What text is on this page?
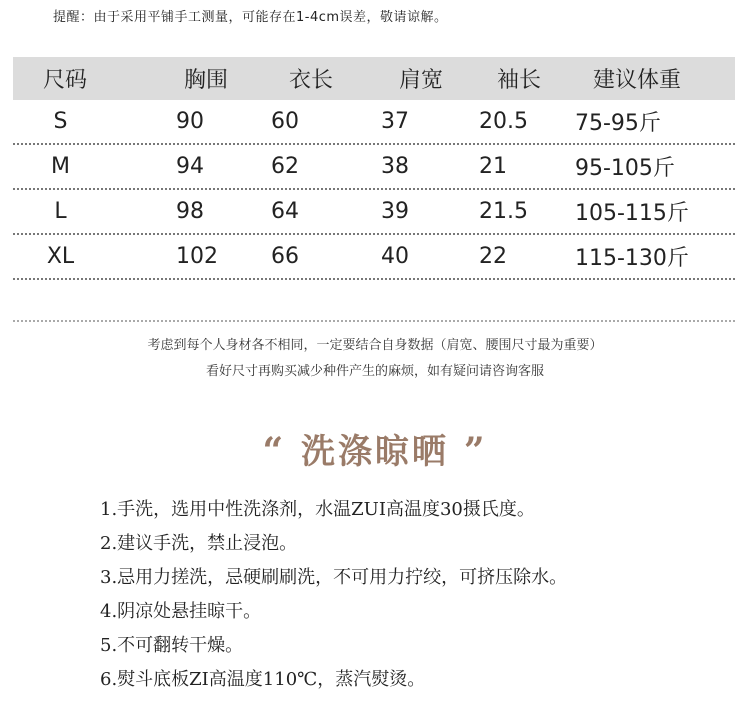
提醒：由于采用平铺手工测量，可能存在1-4cm误差，敬请谅解。
尺码	胸围	衣长	肩宽	袖长	建议体重
S	90	60	37	20.5	75-95斤
M	94	62	38	21	95-105斤
L	98	64	39	21.5	105-115斤
XL	102	66	40	22	115-130斤
考虑到每个人身材各不相同，一定要结合自身数据（肩宽、腰围尺寸最为重要）
看好尺寸再购买减少种件产生的麻烦，如有疑问请咨询客服
“ 洗涤晾晒 ”
1.手洗，选用中性洗涤剂，水温ZUI高温度30摄氏度。
2.建议手洗，禁止浸泡。
3.忌用力搓洗，忌硬刷刷洗，不可用力拧绞，可挤压除水。
4.阴凉处悬挂晾干。
5.不可翻转干燥。
6.熨斗底板ZI高温度110℃，蒸汽熨烫。
